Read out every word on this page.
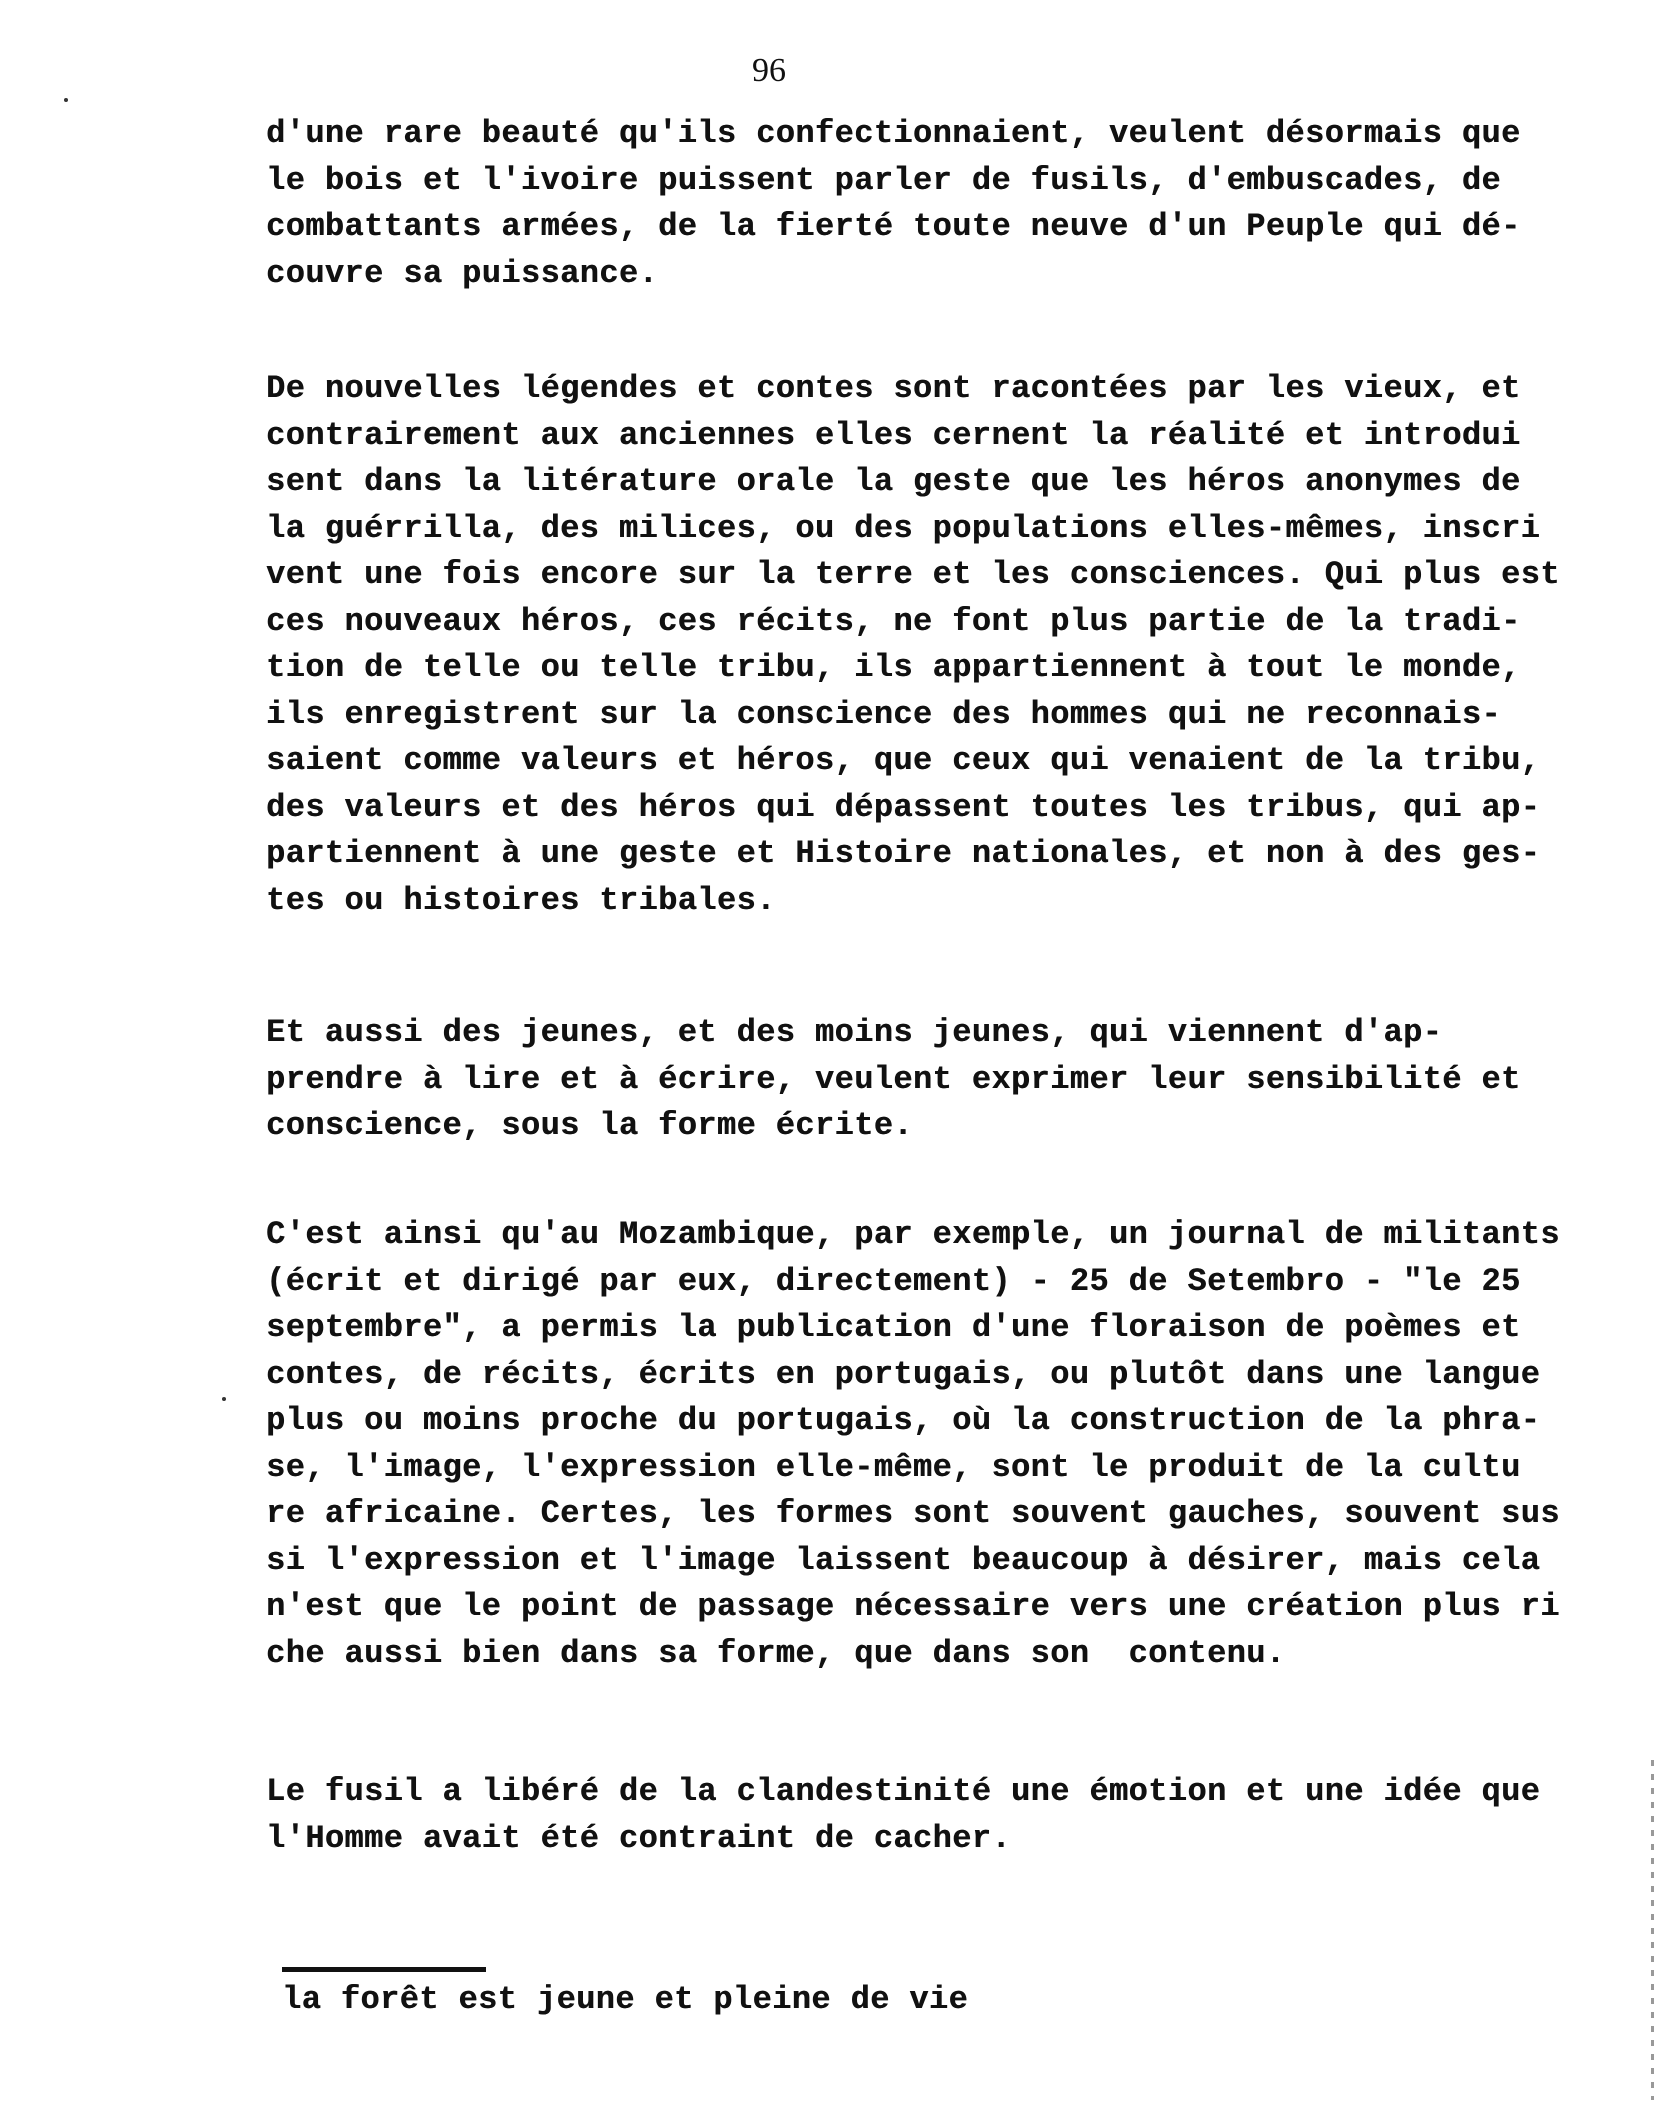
96
d'une rare beauté qu'ils confectionnaient, veulent désormais que
le bois et l'ivoire puissent parler de fusils, d'embuscades, de
combattants armées, de la fierté toute neuve d'un Peuple qui dé-
couvre sa puissance.
De nouvelles légendes et contes sont racontées par les vieux, et
contrairement aux anciennes elles cernent la réalité et introdui
sent dans la litérature orale la geste que les héros anonymes de
la guérrilla, des milices, ou des populations elles-mêmes, inscri
vent une fois encore sur la terre et les consciences. Qui plus est
ces nouveaux héros, ces récits, ne font plus partie de la tradi-
tion de telle ou telle tribu, ils appartiennent à tout le monde,
ils enregistrent sur la conscience des hommes qui ne reconnais-
saient comme valeurs et héros, que ceux qui venaient de la tribu,
des valeurs et des héros qui dépassent toutes les tribus, qui ap-
partiennent à une geste et Histoire nationales, et non à des ges-
tes ou histoires tribales.
Et aussi des jeunes, et des moins jeunes, qui viennent d'ap-
prendre à lire et à écrire, veulent exprimer leur sensibilité et
conscience, sous la forme écrite.
C'est ainsi qu'au Mozambique, par exemple, un journal de militants
(écrit et dirigé par eux, directement) - 25 de Setembro - "le 25
septembre", a permis la publication d'une floraison de poèmes et
contes, de récits, écrits en portugais, ou plutôt dans une langue
plus ou moins proche du portugais, où la construction de la phra-
se, l'image, l'expression elle-même, sont le produit de la cultu
re africaine. Certes, les formes sont souvent gauches, souvent sus
si l'expression et l'image laissent beaucoup à désirer, mais cela
n'est que le point de passage nécessaire vers une création plus ri
che aussi bien dans sa forme, que dans son  contenu.
Le fusil a libéré de la clandestinité une émotion et une idée que
l'Homme avait été contraint de cacher.
la forêt est jeune et pleine de vie
